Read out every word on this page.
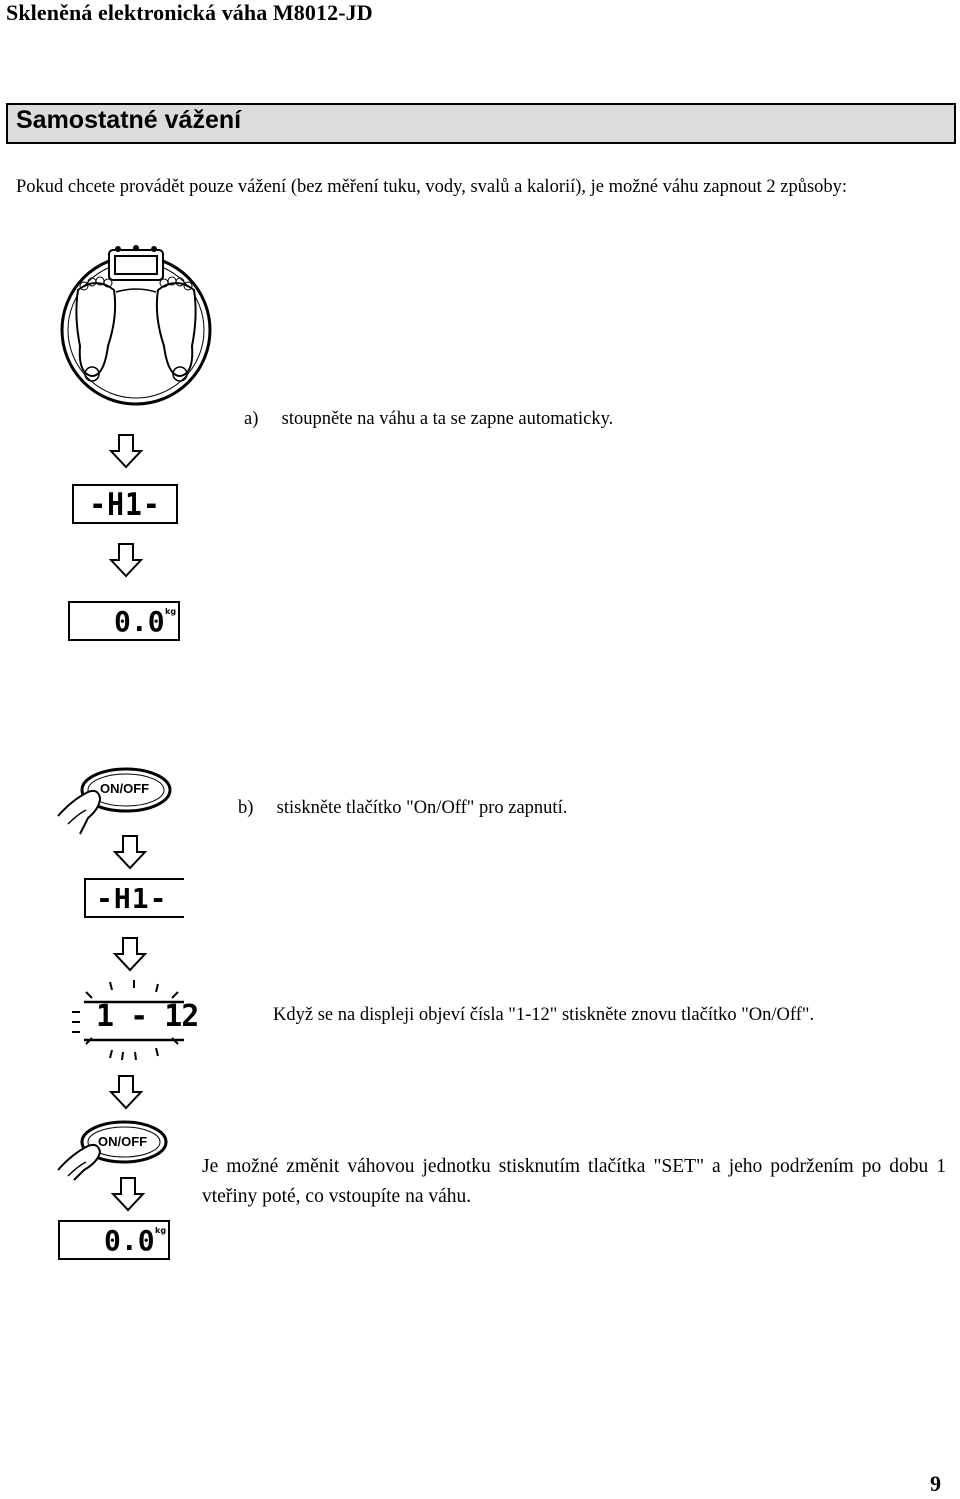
Skleněná elektronická váha M8012-JD
Samostatné vážení
Pokud chcete provádět pouze vážení (bez měření tuku, vody, svalů a kalorií), je možné váhu zapnout 2 způsoby:
a) stoupněte na váhu a ta se zapne automaticky.
-H1-
0.0 kg
ON/OFF
b) stiskněte tlačítko "On/Off" pro zapnutí.
-H1-
1 - 12	Když se na displeji objeví čísla "1-12" stiskněte znovu tlačítko "On/Off".
ON/OFF
0.0 kg
Je možné změnit váhovou jednotku stisknutím tlačítka "SET" a jeho podržením po dobu 1 vteřiny poté, co vstoupíte na váhu.
9
